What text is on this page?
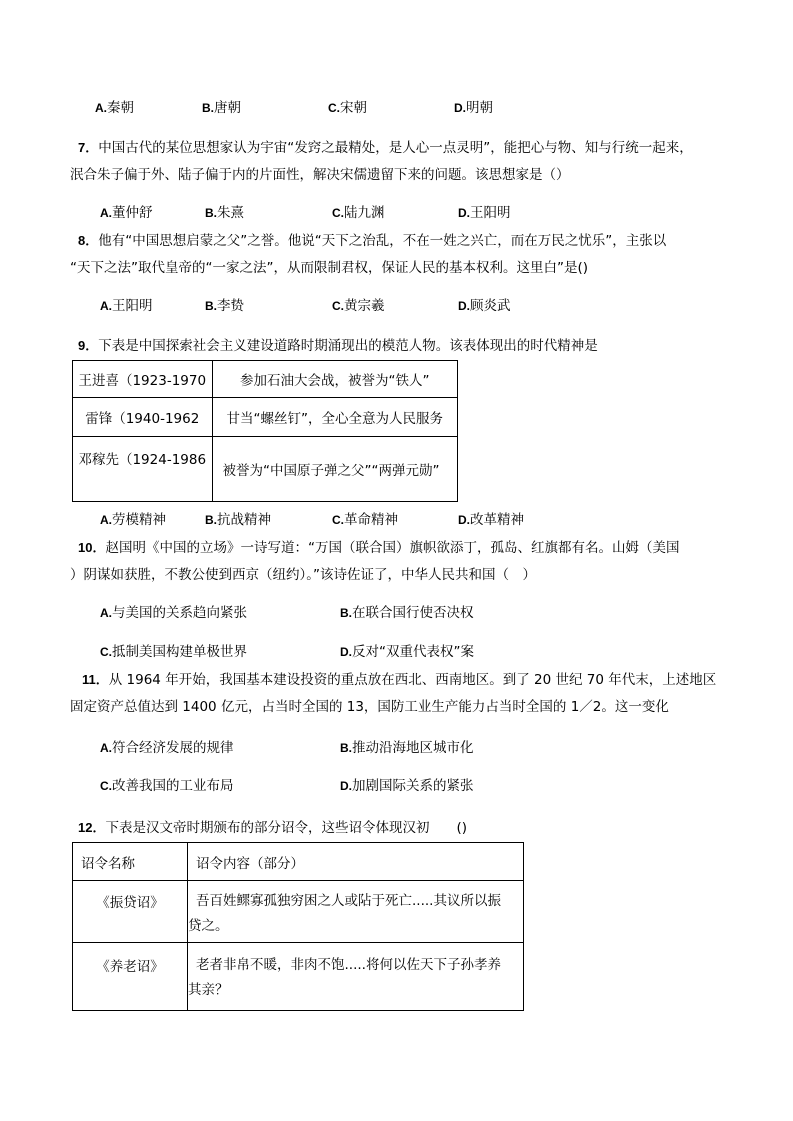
A.秦朝	B.唐朝	C.宋朝	D.明朝
7．中国古代的某位思想家认为宇宙“发窍之最精处，是人心一点灵明”，能把心与物、知与行统一起来，
泯合朱子偏于外、陆子偏于内的片面性，解决宋儒遗留下来的问题。该思想家是（）
A.董仲舒	B.朱熹	C.陆九渊	D.王阳明
8．他有“中国思想启蒙之父”之誉。他说“天下之治乱，不在一姓之兴亡，而在万民之忧乐”，主张以
“天下之法”取代皇帝的“一家之法”，从而限制君权，保证人民的基本权利。这里白”是()
A.王阳明	B.李贽	C.黄宗羲	D.顾炎武
9．下表是中国探索社会主义建设道路时期涌现出的模范人物。该表体现出的时代精神是
王进喜（1923-1970	参加石油大会战，被誉为“铁人”
雷锋（1940-1962	甘当“螺丝钉”，全心全意为人民服务
邓稼先（1924-1986	被誉为“中国原子弹之父”“两弹元勋”
A.劳模精神	B.抗战精神	C.革命精神	D.改革精神
10．赵国明《中国的立场》一诗写道：“万国（联合国）旗帜欲添丁，孤岛、红旗都有名。山姆（美国
）阴谋如获胜，不教公使到西京（纽约）。”该诗佐证了，中华人民共和国（　）
A.与美国的关系趋向紧张	B.在联合国行使否决权
C.抵制美国构建单极世界	D.反对“双重代表权”案
11．从 1964 年开始，我国基本建设投资的重点放在西北、西南地区。到了 20 世纪 70 年代末，上述地区
固定资产总值达到 1400 亿元，占当时全国的 13，国防工业生产能力占当时全国的 1／2。这一变化
A.符合经济发展的规律	B.推动沿海地区城市化
C.改善我国的工业布局	D.加剧国际关系的紧张
12．下表是汉文帝时期颁布的部分诏令，这些诏令体现汉初　　()
诏令名称	诏令内容（部分）
《振贷诏》	吾百姓鳏寡孤独穷困之人或阽于死亡.....其议所以振
贷之。

《养老诏》	老者非帛不暖，非肉不饱.....将何以佐天下子孙孝养
其亲？
